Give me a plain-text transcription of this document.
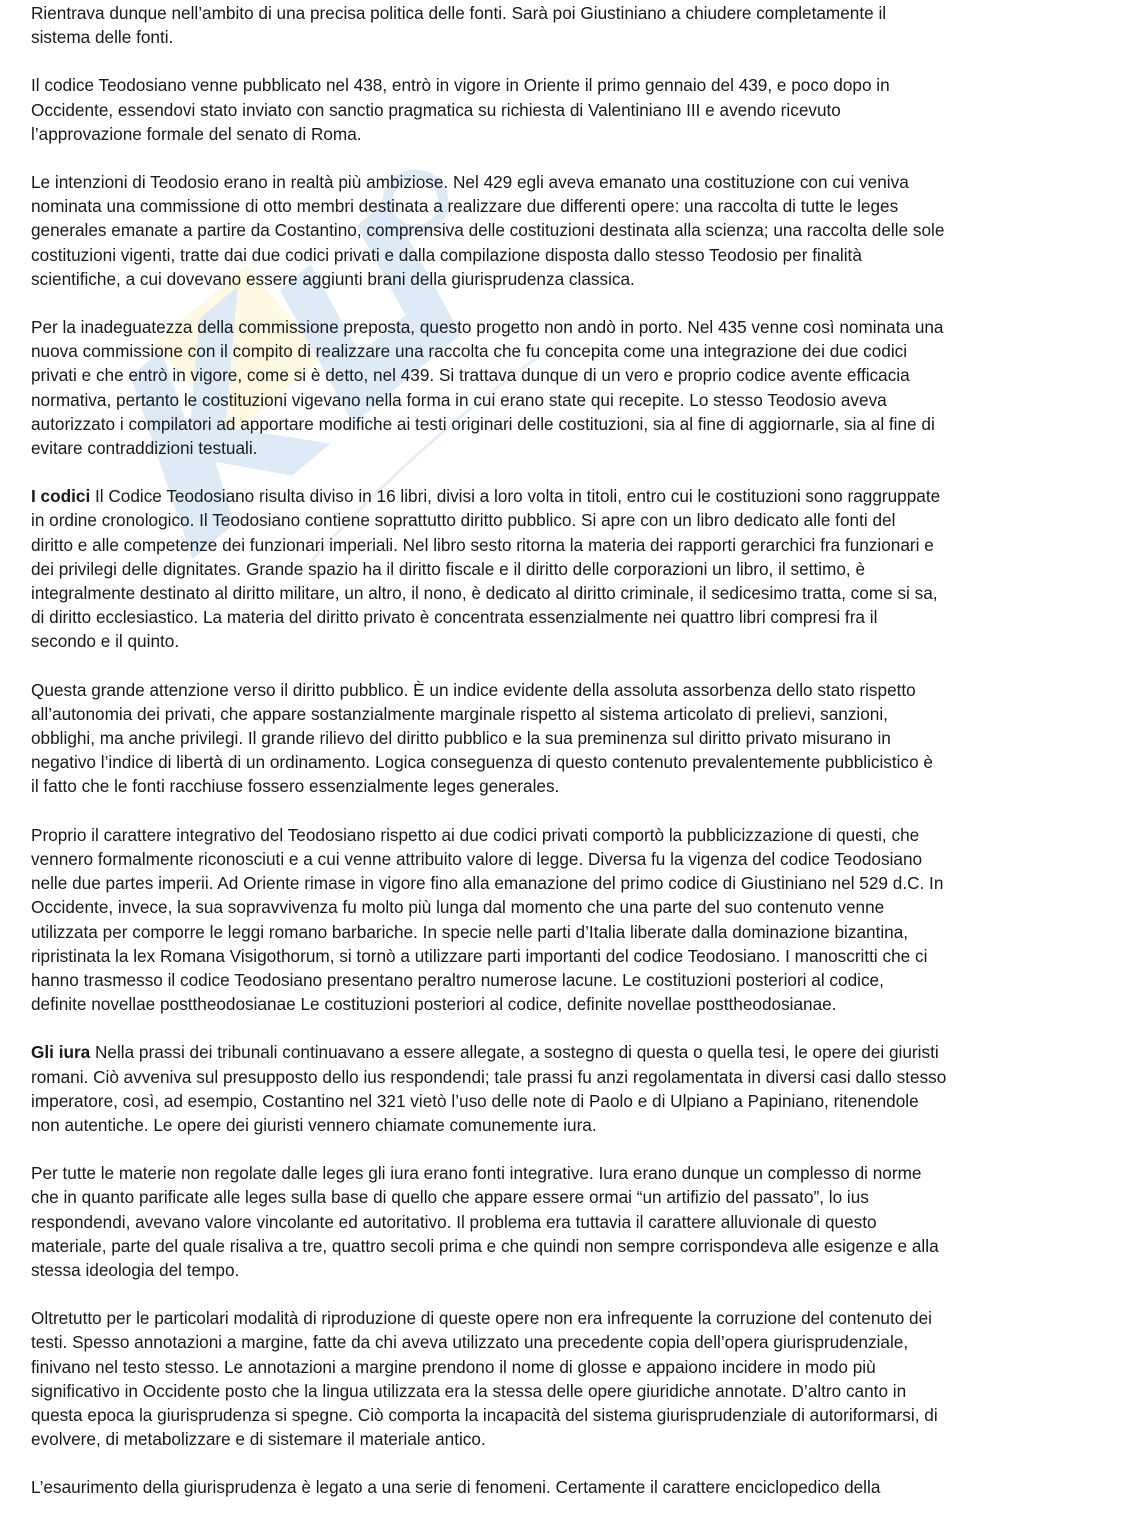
Rientrava dunque nell’ambito di una precisa politica delle fonti. Sarà poi Giustiniano a chiudere completamente il
sistema delle fonti.

Il codice Teodosiano venne pubblicato nel 438, entrò in vigore in Oriente il primo gennaio del 439, e poco dopo in
Occidente, essendovi stato inviato con sanctio pragmatica su richiesta di Valentiniano III e avendo ricevuto
l’approvazione formale del senato di Roma.

Le intenzioni di Teodosio erano in realtà più ambiziose. Nel 429 egli aveva emanato una costituzione con cui veniva
nominata una commissione di otto membri destinata a realizzare due differenti opere: una raccolta di tutte le leges
generales emanate a partire da Costantino, comprensiva delle costituzioni destinata alla scienza; una raccolta delle sole
costituzioni vigenti, tratte dai due codici privati e dalla compilazione disposta dallo stesso Teodosio per finalità
scientifiche, a cui dovevano essere aggiunti brani della giurisprudenza classica.

Per la inadeguatezza della commissione preposta, questo progetto non andò in porto. Nel 435 venne così nominata una
nuova commissione con il compito di realizzare una raccolta che fu concepita come una integrazione dei due codici
privati e che entrò in vigore, come si è detto, nel 439. Si trattava dunque di un vero e proprio codice avente efficacia
normativa, pertanto le costituzioni vigevano nella forma in cui erano state qui recepite. Lo stesso Teodosio aveva
autorizzato i compilatori ad apportare modifiche ai testi originari delle costituzioni, sia al fine di aggiornarle, sia al fine di
evitare contraddizioni testuali.

I codici Il Codice Teodosiano risulta diviso in 16 libri, divisi a loro volta in titoli, entro cui le costituzioni sono raggruppate
in ordine cronologico. Il Teodosiano contiene soprattutto diritto pubblico. Si apre con un libro dedicato alle fonti del
diritto e alle competenze dei funzionari imperiali. Nel libro sesto ritorna la materia dei rapporti gerarchici fra funzionari e
dei privilegi delle dignitates. Grande spazio ha il diritto fiscale e il diritto delle corporazioni un libro, il settimo, è
integralmente destinato al diritto militare, un altro, il nono, è dedicato al diritto criminale, il sedicesimo tratta, come si sa,
di diritto ecclesiastico. La materia del diritto privato è concentrata essenzialmente nei quattro libri compresi fra il
secondo e il quinto.

Questa grande attenzione verso il diritto pubblico. È un indice evidente della assoluta assorbenza dello stato rispetto
all’autonomia dei privati, che appare sostanzialmente marginale rispetto al sistema articolato di prelievi, sanzioni,
obblighi, ma anche privilegi. Il grande rilievo del diritto pubblico e la sua preminenza sul diritto privato misurano in
negativo l’indice di libertà di un ordinamento. Logica conseguenza di questo contenuto prevalentemente pubblicistico è
il fatto che le fonti racchiuse fossero essenzialmente leges generales.

Proprio il carattere integrativo del Teodosiano rispetto ai due codici privati comportò la pubblicizzazione di questi, che
vennero formalmente riconosciuti e a cui venne attribuito valore di legge. Diversa fu la vigenza del codice Teodosiano
nelle due partes imperii. Ad Oriente rimase in vigore fino alla emanazione del primo codice di Giustiniano nel 529 d.C. In
Occidente, invece, la sua sopravvivenza fu molto più lunga dal momento che una parte del suo contenuto venne
utilizzata per comporre le leggi romano barbariche. In specie nelle parti d’Italia liberate dalla dominazione bizantina,
ripristinata la lex Romana Visigothorum, si tornò a utilizzare parti importanti del codice Teodosiano. I manoscritti che ci
hanno trasmesso il codice Teodosiano presentano peraltro numerose lacune. Le costituzioni posteriori al codice,
definite novellae posttheodosianae Le costituzioni posteriori al codice, definite novellae posttheodosianae.

Gli iura Nella prassi dei tribunali continuavano a essere allegate, a sostegno di questa o quella tesi, le opere dei giuristi
romani. Ciò avveniva sul presupposto dello ius respondendi; tale prassi fu anzi regolamentata in diversi casi dallo stesso
imperatore, così, ad esempio, Costantino nel 321 vietò l’uso delle note di Paolo e di Ulpiano a Papiniano, ritenendole
non autentiche. Le opere dei giuristi vennero chiamate comunemente iura.

Per tutte le materie non regolate dalle leges gli iura erano fonti integrative. Iura erano dunque un complesso di norme
che in quanto parificate alle leges sulla base di quello che appare essere ormai “un artifizio del passato”, lo ius
respondendi, avevano valore vincolante ed autoritativo. Il problema era tuttavia il carattere alluvionale di questo
materiale, parte del quale risaliva a tre, quattro secoli prima e che quindi non sempre corrispondeva alle esigenze e alla
stessa ideologia del tempo.

Oltretutto per le particolari modalità di riproduzione di queste opere non era infrequente la corruzione del contenuto dei
testi. Spesso annotazioni a margine, fatte da chi aveva utilizzato una precedente copia dell’opera giurisprudenziale,
finivano nel testo stesso. Le annotazioni a margine prendono il nome di glosse e appaiono incidere in modo più
significativo in Occidente posto che la lingua utilizzata era la stessa delle opere giuridiche annotate. D’altro canto in
questa epoca la giurisprudenza si spegne. Ciò comporta la incapacità del sistema giurisprudenziale di autoriformarsi, di
evolvere, di metabolizzare e di sistemare il materiale antico.

L’esaurimento della giurisprudenza è legato a una serie di fenomeni. Certamente il carattere enciclopedico della
